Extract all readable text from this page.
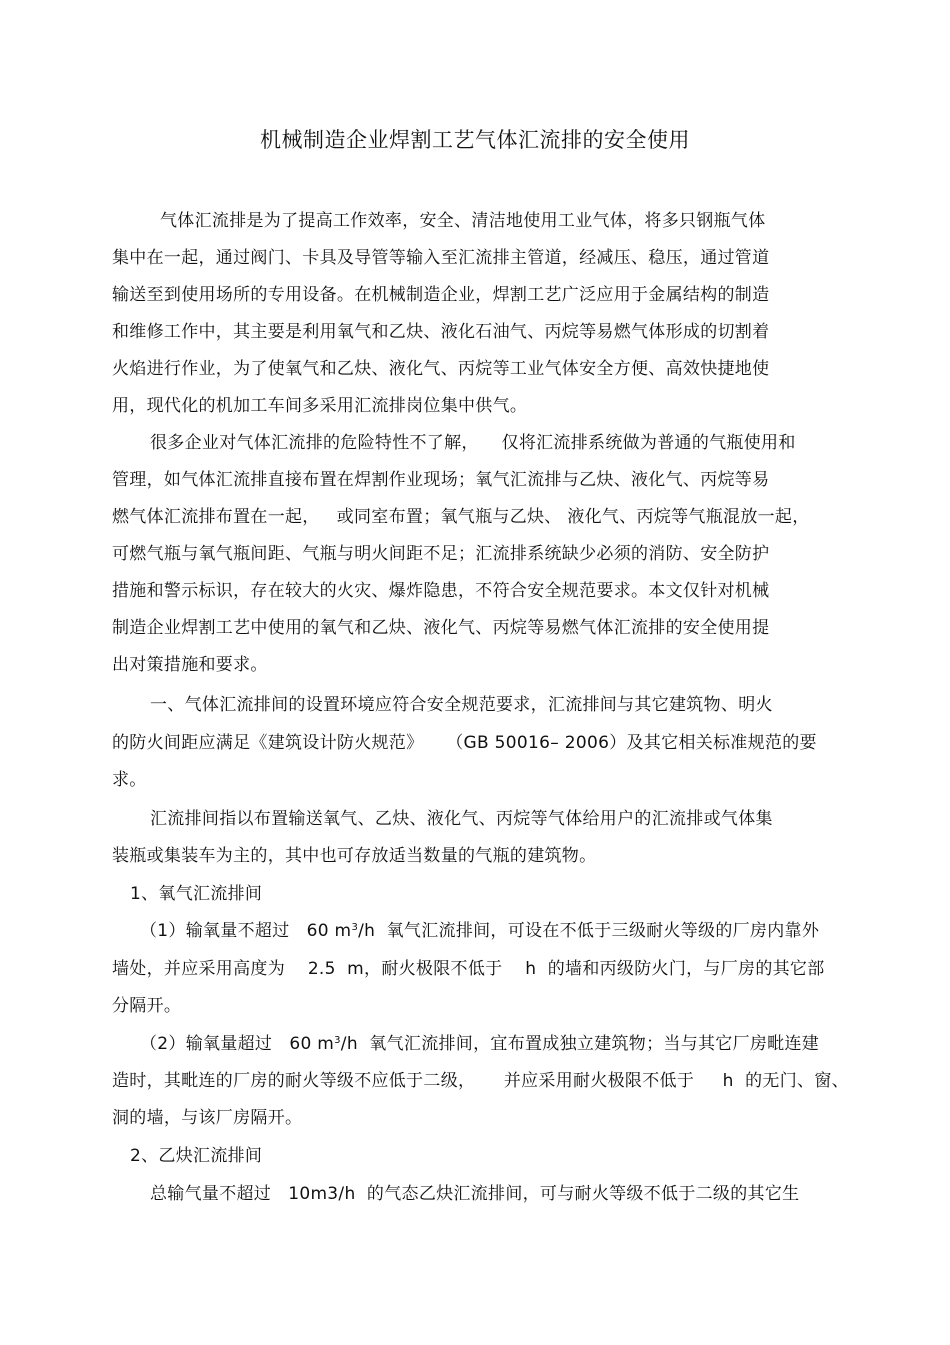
机械制造企业焊割工艺气体汇流排的安全使用
气体汇流排是为了提高工作效率，安全、清洁地使用工业气体，将多只钢瓶气体
集中在一起，通过阀门、卡具及导管等输入至汇流排主管道，经减压、稳压，通过管道
输送至到使用场所的专用设备。在机械制造企业，焊割工艺广泛应用于金属结构的制造
和维修工作中，其主要是利用氧气和乙炔、液化石油气、丙烷等易燃气体形成的切割着
火焰进行作业，为了使氧气和乙炔、液化气、丙烷等工业气体安全方便、高效快捷地使
用，现代化的机加工车间多采用汇流排岗位集中供气。
很多企业对气体汇流排的危险特性不了解，    仅将汇流排系统做为普通的气瓶使用和
管理，如气体汇流排直接布置在焊割作业现场；氧气汇流排与乙炔、液化气、丙烷等易
燃气体汇流排布置在一起，   或同室布置；氧气瓶与乙炔、 液化气、丙烷等气瓶混放一起，
可燃气瓶与氧气瓶间距、气瓶与明火间距不足；汇流排系统缺少必须的消防、安全防护
措施和警示标识，存在较大的火灾、爆炸隐患，不符合安全规范要求。本文仅针对机械
制造企业焊割工艺中使用的氧气和乙炔、液化气、丙烷等易燃气体汇流排的安全使用提
出对策措施和要求。
一、气体汇流排间的设置环境应符合安全规范要求，汇流排间与其它建筑物、明火
的防火间距应满足《建筑设计防火规范》    （GB 50016– 2006）及其它相关标准规范的要
求。
汇流排间指以布置输送氧气、乙炔、液化气、丙烷等气体给用户的汇流排或气体集
装瓶或集装车为主的，其中也可存放适当数量的气瓶的建筑物。
1、氧气汇流排间
（1）输氧量不超过   60 $m^3/h$  氧气汇流排间，可设在不低于三级耐火等级的厂房内靠外
墙处，并应采用高度为    2.5  m，耐火极限不低于    h  的墙和丙级防火门，与厂房的其它部
分隔开。
（2）输氧量超过   60 $m^3/h$  氧气汇流排间，宜布置成独立建筑物；当与其它厂房毗连建
造时，其毗连的厂房的耐火等级不应低于二级，     并应采用耐火极限不低于     h  的无门、窗、
洞的墙，与该厂房隔开。
2、乙炔汇流排间
总输气量不超过   10m3/h  的气态乙炔汇流排间，可与耐火等级不低于二级的其它生
